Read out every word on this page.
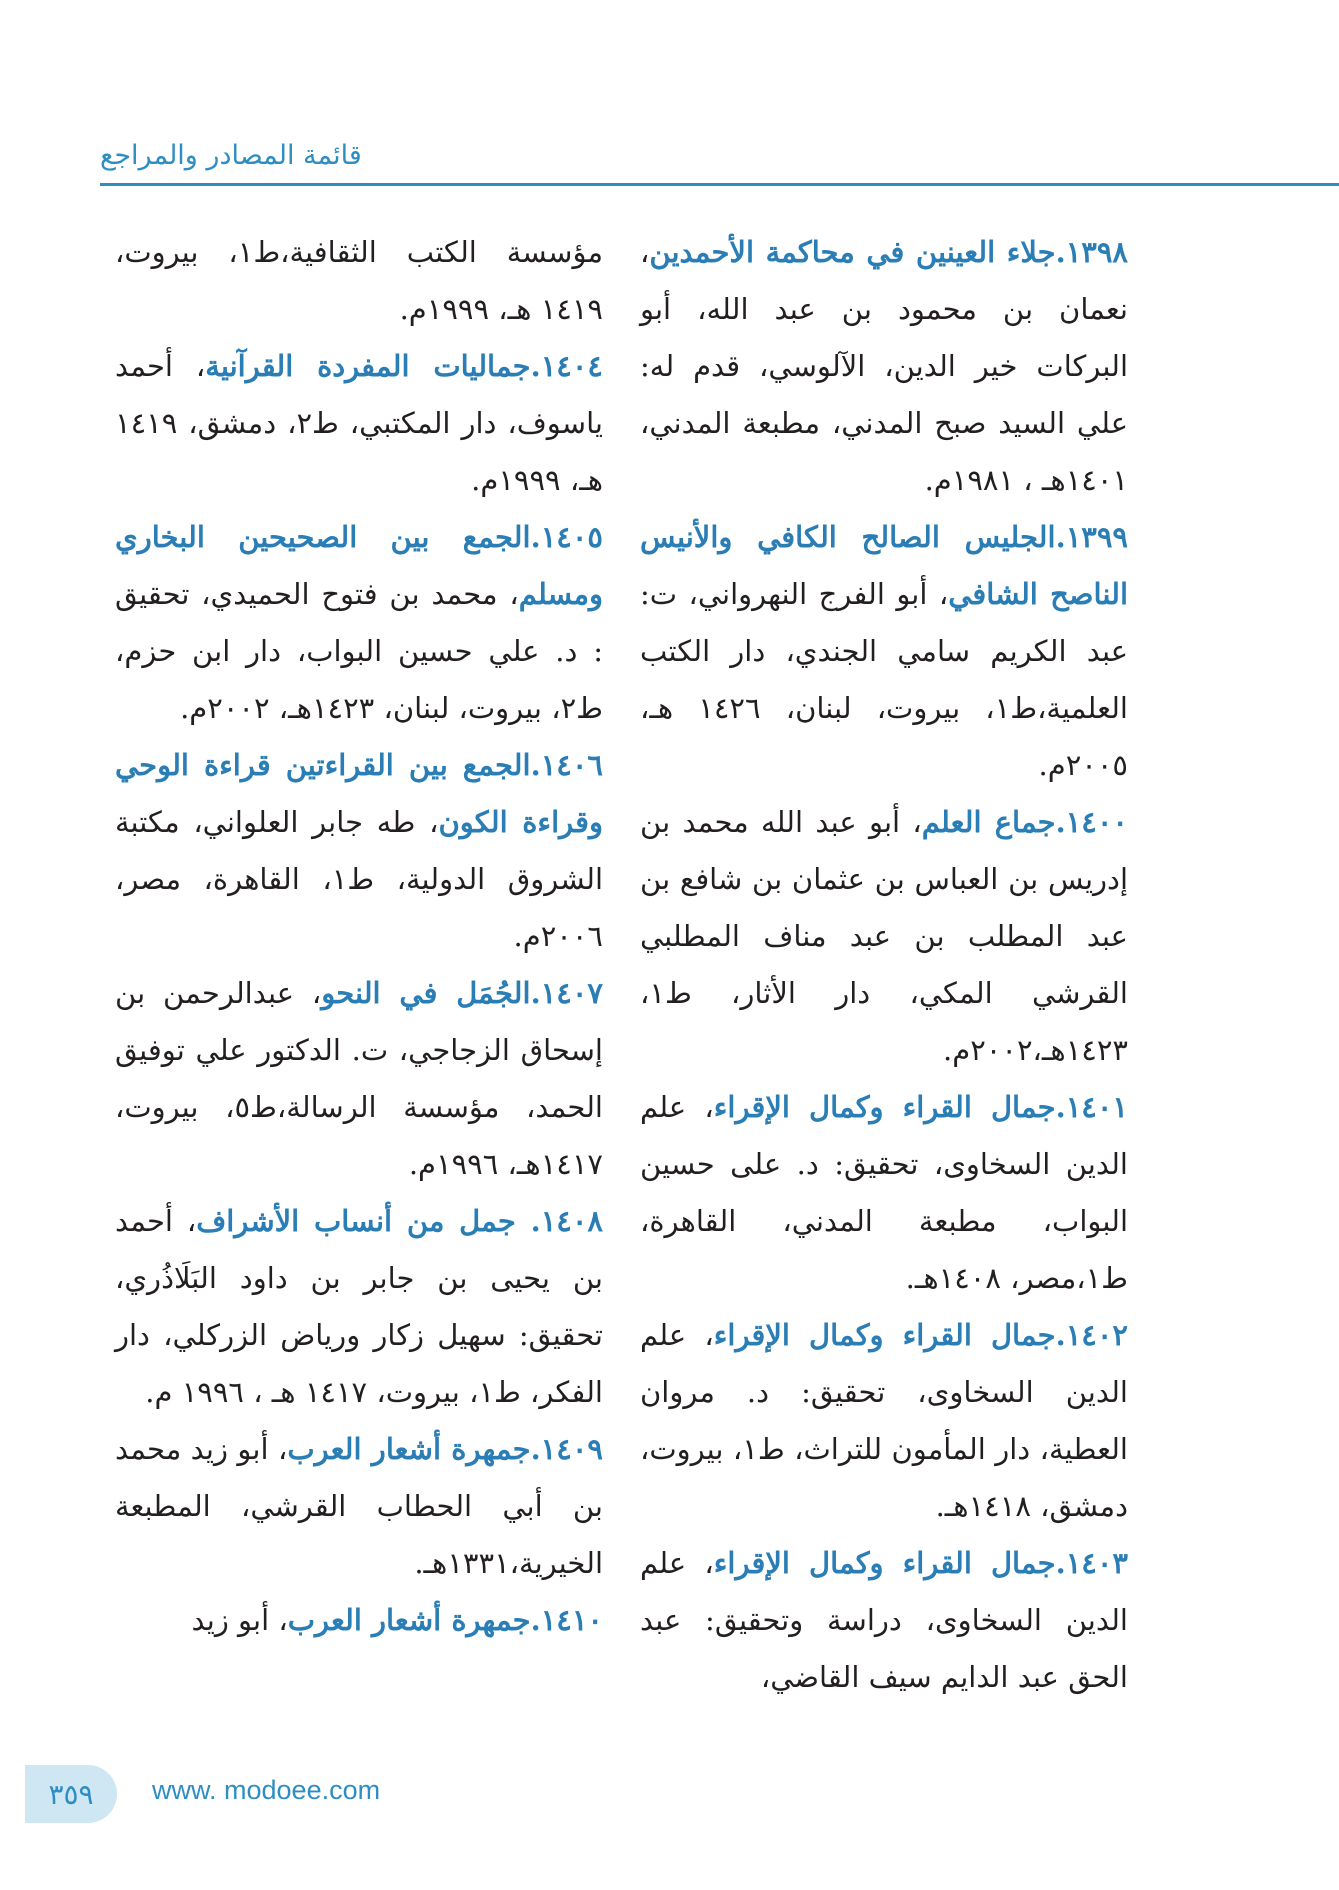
قائمة المصادر والمراجع
١٣٩٨.جلاء العينين في محاكمة الأحمدين، نعمان بن محمود بن عبد الله، أبو البركات خير الدين، الآلوسي، قدم له: علي السيد صبح المدني، مطبعة المدني، ١٤٠١هـ ، ١٩٨١م.
١٣٩٩.الجليس الصالح الكافي والأنيس الناصح الشافي، أبو الفرج النهرواني، ت: عبد الكريم سامي الجندي، دار الكتب العلمية،ط١، بيروت، لبنان، ١٤٢٦ هـ، ٢٠٠٥م.
١٤٠٠.جماع العلم، أبو عبد الله محمد بن إدريس بن العباس بن عثمان بن شافع بن عبد المطلب بن عبد مناف المطلبي القرشي المكي، دار الأثار، ط١، ١٤٢٣هـ،٢٠٠٢م.
١٤٠١.جمال القراء وكمال الإقراء، علم الدين السخاوى، تحقيق: د. على حسين البواب، مطبعة المدني، القاهرة، ط١،مصر، ١٤٠٨هـ.
١٤٠٢.جمال القراء وكمال الإقراء، علم الدين السخاوى، تحقيق: د. مروان العطية، دار المأمون للتراث، ط١، بيروت، دمشق، ١٤١٨هـ.
١٤٠٣.جمال القراء وكمال الإقراء، علم الدين السخاوى، دراسة وتحقيق: عبد الحق عبد الدايم سيف القاضي،
مؤسسة الكتب الثقافية،ط١، بيروت، ١٤١٩ هـ، ١٩٩٩م.
١٤٠٤.جماليات المفردة القرآنية، أحمد ياسوف، دار المكتبي، ط٢، دمشق، ١٤١٩ هـ، ١٩٩٩م.
١٤٠٥.الجمع بين الصحيحين البخاري ومسلم، محمد بن فتوح الحميدي، تحقيق : د. علي حسين البواب، دار ابن حزم، ط٢، بيروت، لبنان، ١٤٢٣هـ، ٢٠٠٢م.
١٤٠٦.الجمع بين القراءتين قراءة الوحي وقراءة الكون، طه جابر العلواني، مكتبة الشروق الدولية، ط١، القاهرة، مصر، ٢٠٠٦م.
١٤٠٧.الجُمَل في النحو، عبدالرحمن بن إسحاق الزجاجي، ت. الدكتور علي توفيق الحمد، مؤسسة الرسالة،ط٥، بيروت، ١٤١٧هـ، ١٩٩٦م.
١٤٠٨. جمل من أنساب الأشراف، أحمد بن يحيى بن جابر بن داود البَلَاذُري، تحقيق: سهيل زكار ورياض الزركلي، دار الفكر، ط١، بيروت، ١٤١٧ هـ ، ١٩٩٦ م.
١٤٠٩.جمهرة أشعار العرب، أبو زيد محمد بن أبي الحطاب القرشي، المطبعة الخيرية،١٣٣١هـ.
١٤١٠.جمهرة أشعار العرب، أبو زيد
٣٥٩ www. modoee.com
